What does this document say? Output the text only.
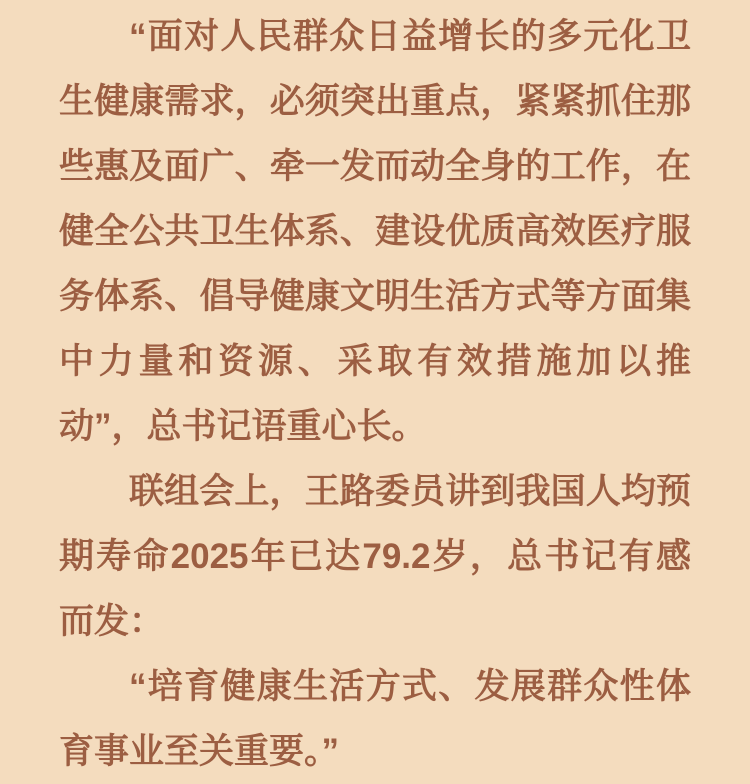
“面对人民群众日益增长的多元化卫生健康需求，必须突出重点，紧紧抓住那些惠及面广、牵一发而动全身的工作，在健全公共卫生体系、建设优质高效医疗服务体系、倡导健康文明生活方式等方面集中力量和资源、采取有效措施加以推动”，总书记语重心长。

联组会上，王路委员讲到我国人均预期寿命2025年已达79.2岁，总书记有感而发：

“培育健康生活方式、发展群众性体育事业至关重要。”
